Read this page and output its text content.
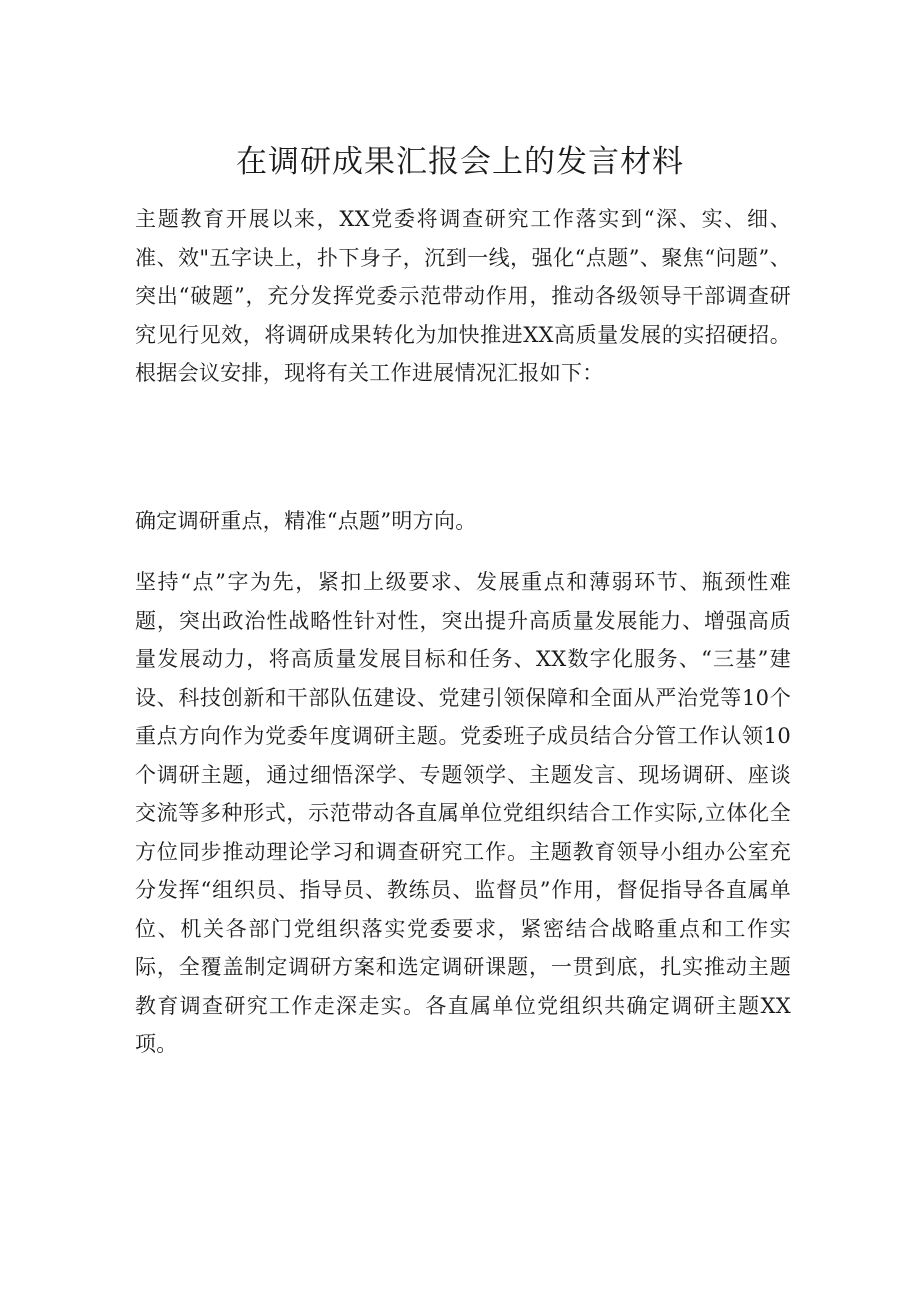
在调研成果汇报会上的发言材料

主题教育开展以来，XX党委将调查研究工作落实到“深、实、细、准、效"五字诀上，扑下身子，沉到一线，强化“点题”、聚焦“问题”、突出“破题”，充分发挥党委示范带动作用，推动各级领导干部调查研究见行见效，将调研成果转化为加快推进XX高质量发展的实招硬招。根据会议安排，现将有关工作进展情况汇报如下：

确定调研重点，精准“点题”明方向。

坚持“点”字为先，紧扣上级要求、发展重点和薄弱环节、瓶颈性难题，突出政治性战略性针对性，突出提升高质量发展能力、增强高质量发展动力，将高质量发展目标和任务、XX数字化服务、“三基”建设、科技创新和干部队伍建设、党建引领保障和全面从严治党等10个重点方向作为党委年度调研主题。党委班子成员结合分管工作认领10个调研主题，通过细悟深学、专题领学、主题发言、现场调研、座谈交流等多种形式，示范带动各直属单位党组织结合工作实际,立体化全方位同步推动理论学习和调查研究工作。主题教育领导小组办公室充分发挥“组织员、指导员、教练员、监督员”作用，督促指导各直属单位、机关各部门党组织落实党委要求，紧密结合战略重点和工作实际，全覆盖制定调研方案和选定调研课题，一贯到底，扎实推动主题教育调查研究工作走深走实。各直属单位党组织共确定调研主题XX项。
